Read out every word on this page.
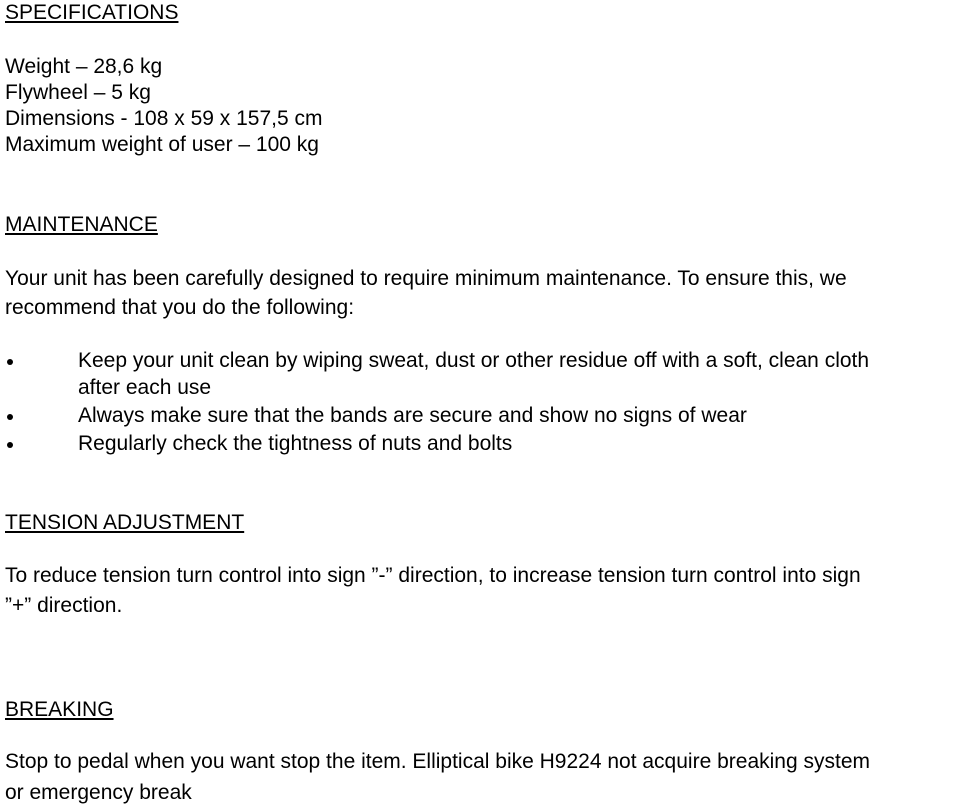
SPECIFICATIONS
Weight – 28,6 kg
Flywheel – 5 kg
Dimensions - 108 x 59 x 157,5 cm
Maximum weight of user – 100 kg
MAINTENANCE
Your unit has been carefully designed to require minimum maintenance. To ensure this, we
recommend that you do the following:
Keep your unit clean by wiping sweat, dust or other residue off with a soft, clean cloth
after each use
Always make sure that the bands are secure and show no signs of wear
Regularly check the tightness of nuts and bolts
TENSION ADJUSTMENT
To reduce tension turn control into sign ”-” direction, to increase tension turn control into sign
”+” direction.
BREAKING
Stop to pedal when you want stop the item. Elliptical bike H9224 not acquire breaking system
or emergency break
